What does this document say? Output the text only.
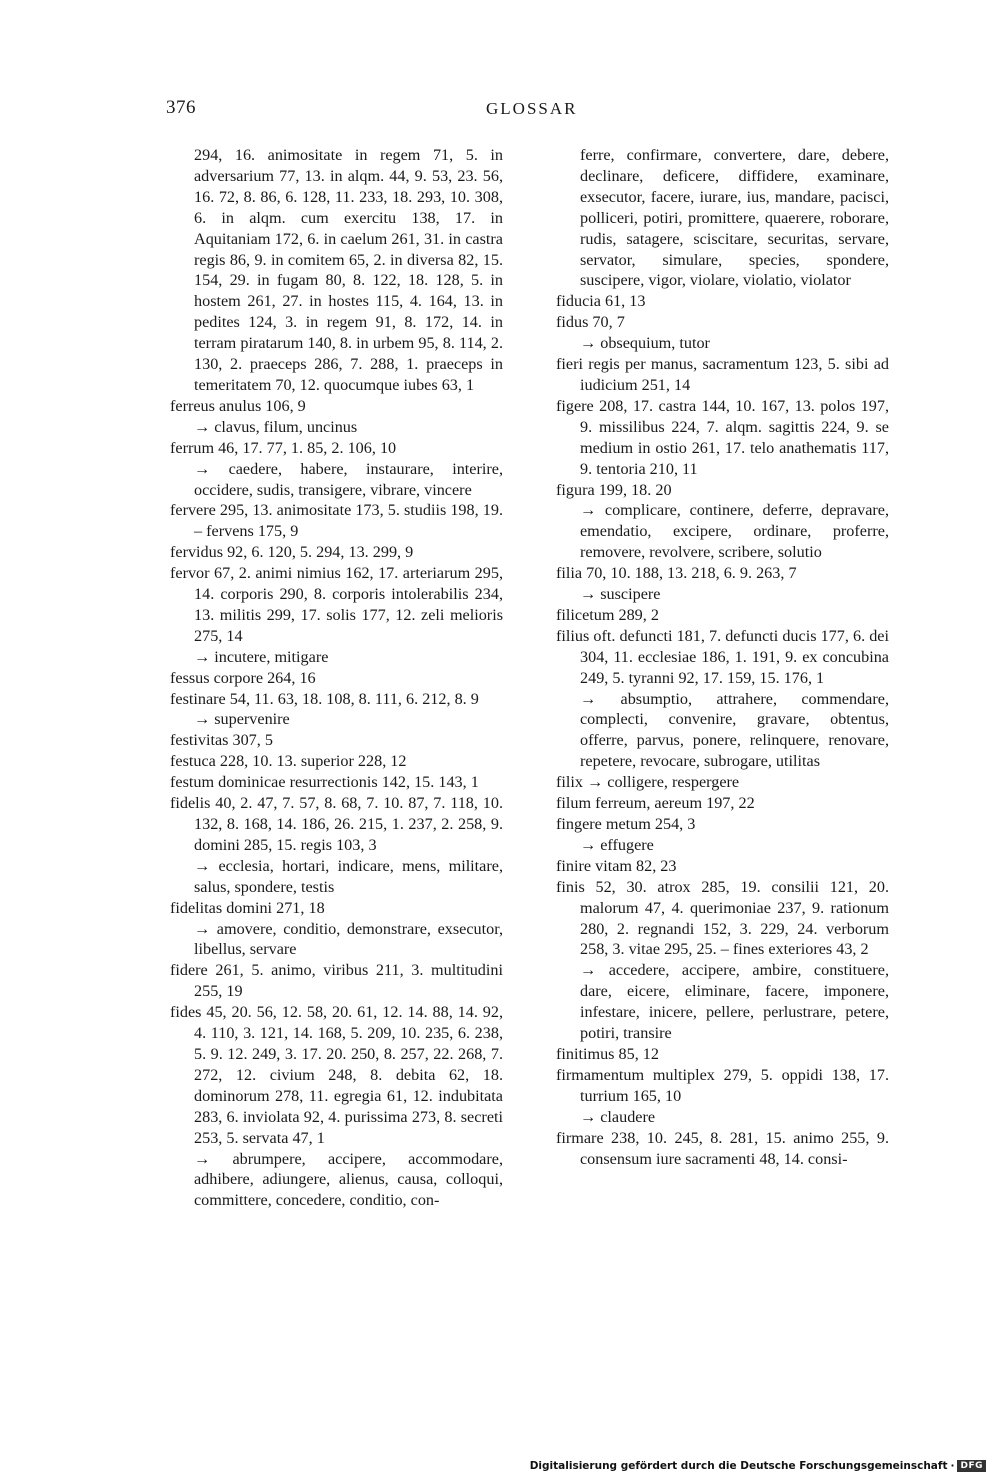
376	GLOSSAR

294, 16. animositate in regem 71, 5. in adversarium 77, 13. in alqm. 44, 9. 53, 23. 56, 16. 72, 8. 86, 6. 128, 11. 233, 18. 293, 10. 308, 6. in alqm. cum exercitu 138, 17. in Aquitaniam 172, 6. in caelum 261, 31. in castra regis 86, 9. in comitem 65, 2. in diversa 82, 15. 154, 29. in fugam 80, 8. 122, 18. 128, 5. in hostem 261, 27. in hostes 115, 4. 164, 13. in pedites 124, 3. in regem 91, 8. 172, 14. in terram piratarum 140, 8. in urbem 95, 8. 114, 2. 130, 2. praeceps 286, 7. 288, 1. praeceps in temeritatem 70, 12. quocumque iubes 63, 1

ferreus anulus 106, 9

→ clavus, filum, uncinus

ferrum 46, 17. 77, 1. 85, 2. 106, 10

→ caedere, habere, instaurare, interire, occidere, sudis, transigere, vibrare, vincere

fervere 295, 13. animositate 173, 5. studiis 198, 19. – fervens 175, 9

fervidus 92, 6. 120, 5. 294, 13. 299, 9

fervor 67, 2. animi nimius 162, 17. arteriarum 295, 14. corporis 290, 8. corporis intolerabilis 234, 13. militis 299, 17. solis 177, 12. zeli melioris 275, 14

→ incutere, mitigare

fessus corpore 264, 16

festinare 54, 11. 63, 18. 108, 8. 111, 6. 212, 8. 9

→ supervenire

festivitas 307, 5

festuca 228, 10. 13. superior 228, 12

festum dominicae resurrectionis 142, 15. 143, 1

fidelis 40, 2. 47, 7. 57, 8. 68, 7. 10. 87, 7. 118, 10. 132, 8. 168, 14. 186, 26. 215, 1. 237, 2. 258, 9. domini 285, 15. regis 103, 3

→ ecclesia, hortari, indicare, mens, militare, salus, spondere, testis

fidelitas domini 271, 18

→ amovere, conditio, demonstrare, exsecutor, libellus, servare

fidere 261, 5. animo, viribus 211, 3. multitudini 255, 19

fides 45, 20. 56, 12. 58, 20. 61, 12. 14. 88, 14. 92, 4. 110, 3. 121, 14. 168, 5. 209, 10. 235, 6. 238, 5. 9. 12. 249, 3. 17. 20. 250, 8. 257, 22. 268, 7. 272, 12. civium 248, 8. debita 62, 18. dominorum 278, 11. egregia 61, 12. indubitata 283, 6. inviolata 92, 4. purissima 273, 8. secreti 253, 5. servata 47, 1

→ abrumpere, accipere, accommodare, adhibere, adiungere, alienus, causa, colloqui, committere, concedere, conditio, con-

ferre, confirmare, convertere, dare, debere, declinare, deficere, diffidere, examinare, exsecutor, facere, iurare, ius, mandare, pacisci, polliceri, potiri, promittere, quaerere, roborare, rudis, satagere, sciscitare, securitas, servare, servator, simulare, species, spondere, suscipere, vigor, violare, violatio, violator

fiducia 61, 13

fidus 70, 7

→ obsequium, tutor

fieri regis per manus, sacramentum 123, 5. sibi ad iudicium 251, 14

figere 208, 17. castra 144, 10. 167, 13. polos 197, 9. missilibus 224, 7. alqm. sagittis 224, 9. se medium in ostio 261, 17. telo anathematis 117, 9. tentoria 210, 11

figura 199, 18. 20

→ complicare, continere, deferre, depravare, emendatio, excipere, ordinare, proferre, removere, revolvere, scribere, solutio

filia 70, 10. 188, 13. 218, 6. 9. 263, 7

→ suscipere

filicetum 289, 2

filius oft. defuncti 181, 7. defuncti ducis 177, 6. dei 304, 11. ecclesiae 186, 1. 191, 9. ex concubina 249, 5. tyranni 92, 17. 159, 15. 176, 1

→ absumptio, attrahere, commendare, complecti, convenire, gravare, obtentus, offerre, parvus, ponere, relinquere, renovare, repetere, revocare, subrogare, utilitas

filix → colligere, respergere

filum ferreum, aereum 197, 22

fingere metum 254, 3

→ effugere

finire vitam 82, 23

finis 52, 30. atrox 285, 19. consilii 121, 20. malorum 47, 4. querimoniae 237, 9. rationum 280, 2. regnandi 152, 3. 229, 24. verborum 258, 3. vitae 295, 25. – fines exteriores 43, 2

→ accedere, accipere, ambire, constituere, dare, eicere, eliminare, facere, imponere, infestare, inicere, pellere, perlustrare, petere, potiri, transire

finitimus 85, 12

firmamentum multiplex 279, 5. oppidi 138, 17. turrium 165, 10

→ claudere

firmare 238, 10. 245, 8. 281, 15. animo 255, 9. consensum iure sacramenti 48, 14. consi-

Digitalisierung gefördert durch die Deutsche Forschungsgemeinschaft · DFG
